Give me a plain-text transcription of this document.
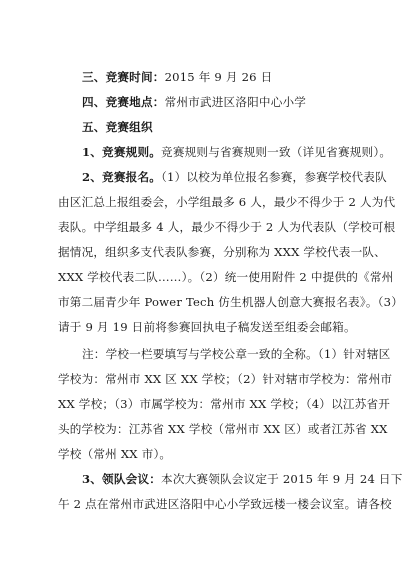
三、竞赛时间：2015 年 9 月 26 日
四、竞赛地点：常州市武进区洛阳中心小学
五、竞赛组织
1、竞赛规则。竞赛规则与省赛规则一致（详见省赛规则）。
2、竞赛报名。（1）以校为单位报名参赛，参赛学校代表队
由区汇总上报组委会，小学组最多 6 人，最少不得少于 2 人为代
表队。中学组最多 4 人，最少不得少于 2 人为代表队（学校可根
据情况，组织多支代表队参赛，分别称为 XXX 学校代表一队、
XXX 学校代表二队……）。（2）统一使用附件 2 中提供的《常州
市第二届青少年 Power Tech 仿生机器人创意大赛报名表》。（3）
请于 9 月 19 日前将参赛回执电子稿发送至组委会邮箱。
注：学校一栏要填写与学校公章一致的全称。（1）针对辖区
学校为：常州市 XX 区 XX 学校；（2）针对辖市学校为：常州市
XX 学校；（3）市属学校为：常州市 XX 学校；（4）以江苏省开
头的学校为：江苏省 XX 学校（常州市 XX 区）或者江苏省 XX
学校（常州 XX 市）。
3、领队会议：本次大赛领队会议定于 2015 年 9 月 24 日下
午 2 点在常州市武进区洛阳中心小学致远楼一楼会议室。请各校
